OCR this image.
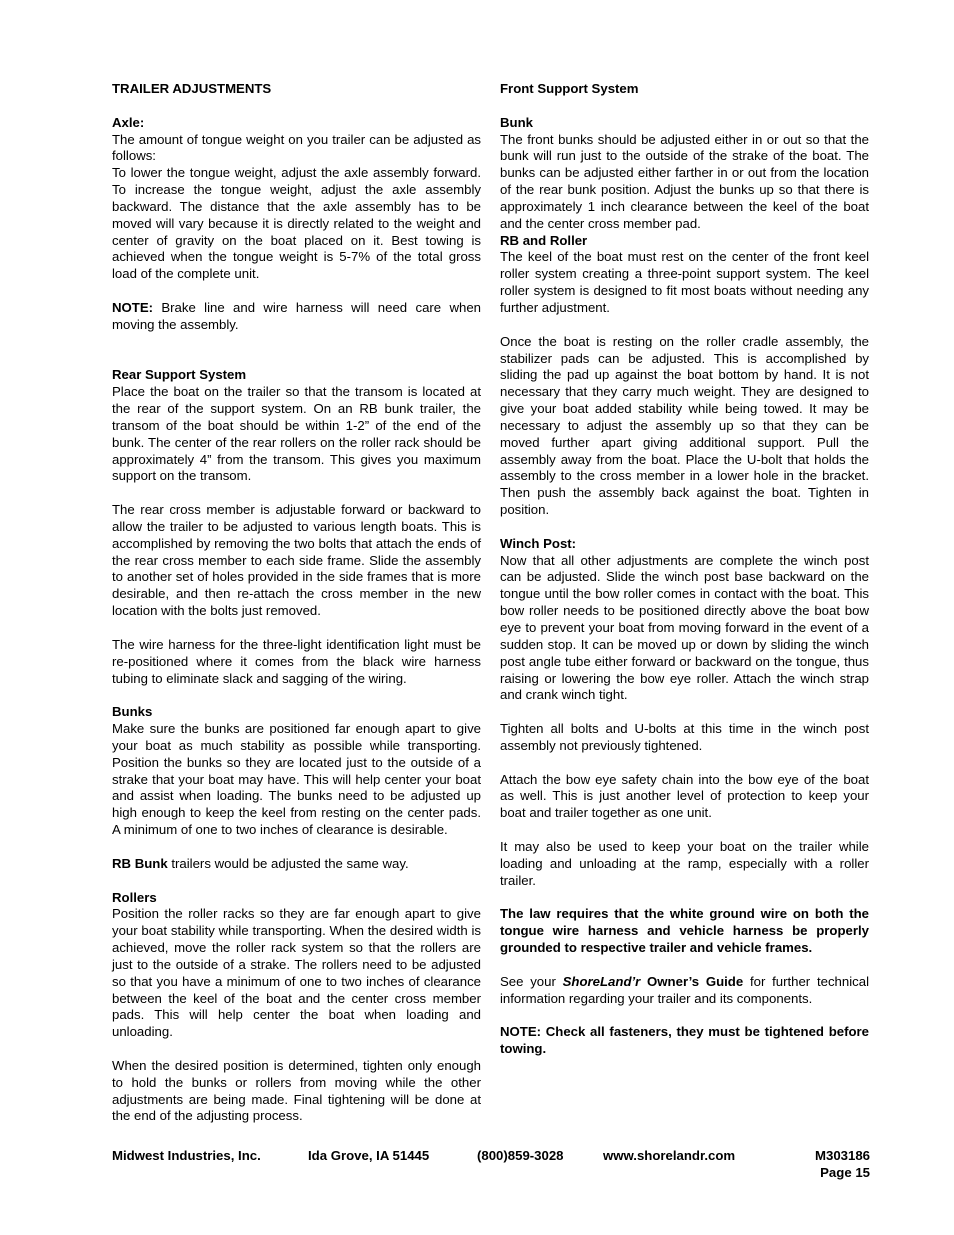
TRAILER ADJUSTMENTS

Axle:

The amount of tongue weight on you trailer can be adjusted as follows:

To lower the tongue weight, adjust the axle assembly forward. To increase the tongue weight, adjust the axle assembly backward. The distance that the axle assembly has to be moved will vary because it is directly related to the weight and center of gravity on the boat placed on it. Best towing is achieved when the tongue weight is 5-7% of the total gross load of the complete unit.

NOTE: Brake line and wire harness will need care when moving the assembly.

Rear Support System

Place the boat on the trailer so that the transom is located at the rear of the support system. On an RB bunk trailer, the transom of the boat should be within 1-2” of the end of the bunk. The center of the rear rollers on the roller rack should be approximately 4” from the transom. This gives you maximum support on the transom.

The rear cross member is adjustable forward or backward to allow the trailer to be adjusted to various length boats. This is accomplished by removing the two bolts that attach the ends of the rear cross member to each side frame. Slide the assembly to another set of holes provided in the side frames that is more desirable, and then re-attach the cross member in the new location with the bolts just removed.

The wire harness for the three-light identification light must be re-positioned where it comes from the black wire harness tubing to eliminate slack and sagging of the wiring.

Bunks

Make sure the bunks are positioned far enough apart to give your boat as much stability as possible while transporting. Position the bunks so they are located just to the outside of a strake that your boat may have. This will help center your boat and assist when loading. The bunks need to be adjusted up high enough to keep the keel from resting on the center pads. A minimum of one to two inches of clearance is desirable.

RB Bunk trailers would be adjusted the same way.

Rollers

Position the roller racks so they are far enough apart to give your boat stability while transporting. When the desired width is achieved, move the roller rack system so that the rollers are just to the outside of a strake. The rollers need to be adjusted so that you have a minimum of one to two inches of clearance between the keel of the boat and the center cross member pads. This will help center the boat when loading and unloading.

When the desired position is determined, tighten only enough to hold the bunks or rollers from moving while the other adjustments are being made. Final tightening will be done at the end of the adjusting process.

Front Support System

Bunk

The front bunks should be adjusted either in or out so that the bunk will run just to the outside of the strake of the boat. The bunks can be adjusted either farther in or out from the location of the rear bunk position. Adjust the bunks up so that there is approximately 1 inch clearance between the keel of the boat and the center cross member pad.

RB and Roller

The keel of the boat must rest on the center of the front keel roller system creating a three-point support system. The keel roller system is designed to fit most boats without needing any further adjustment.

Once the boat is resting on the roller cradle assembly, the stabilizer pads can be adjusted. This is accomplished by sliding the pad up against the boat bottom by hand. It is not necessary that they carry much weight. They are designed to give your boat added stability while being towed. It may be necessary to adjust the assembly up so that they can be moved further apart giving additional support. Pull the assembly away from the boat. Place the U-bolt that holds the assembly to the cross member in a lower hole in the bracket. Then push the assembly back against the boat. Tighten in position.

Winch Post:

Now that all other adjustments are complete the winch post can be adjusted. Slide the winch post base backward on the tongue until the bow roller comes in contact with the boat. This bow roller needs to be positioned directly above the boat bow eye to prevent your boat from moving forward in the event of a sudden stop. It can be moved up or down by sliding the winch post angle tube either forward or backward on the tongue, thus raising or lowering the bow eye roller. Attach the winch strap and crank winch tight.

Tighten all bolts and U-bolts at this time in the winch post assembly not previously tightened.

Attach the bow eye safety chain into the bow eye of the boat as well. This is just another level of protection to keep your boat and trailer together as one unit.

It may also be used to keep your boat on the trailer while loading and unloading at the ramp, especially with a roller trailer.

The law requires that the white ground wire on both the tongue wire harness and vehicle harness be properly grounded to respective trailer and vehicle frames.

See your ShoreLand’r Owner’s Guide for further technical information regarding your trailer and its components.

NOTE: Check all fasteners, they must be tightened before towing.

Midwest Industries, Inc.	Ida Grove, IA 51445	(800)859-3028	www.shorelandr.com	M303186
Page 15
